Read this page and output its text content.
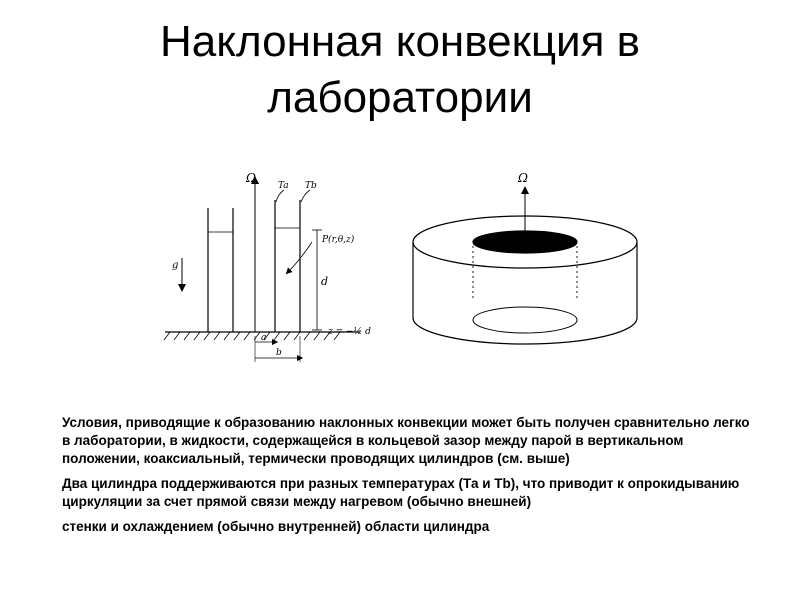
Наклонная конвекция в
лаборатории
Ω
Ta Tb
P(r,θ,z)
g
d
z = −½ d
a
b
Ω

Условия, приводящие к образованию наклонных конвекции может быть получен сравнительно легко в лаборатории, в жидкости, содержащейся в кольцевой зазор между парой в вертикальном положении, коаксиальный, термически проводящих цилиндров (см. выше)

Два цилиндра поддерживаются при разных температурах (Та и Тb), что приводит к опрокидыванию циркуляции за счет прямой связи между нагревом (обычно внешней)

стенки и охлаждением (обычно внутренней) области цилиндра
